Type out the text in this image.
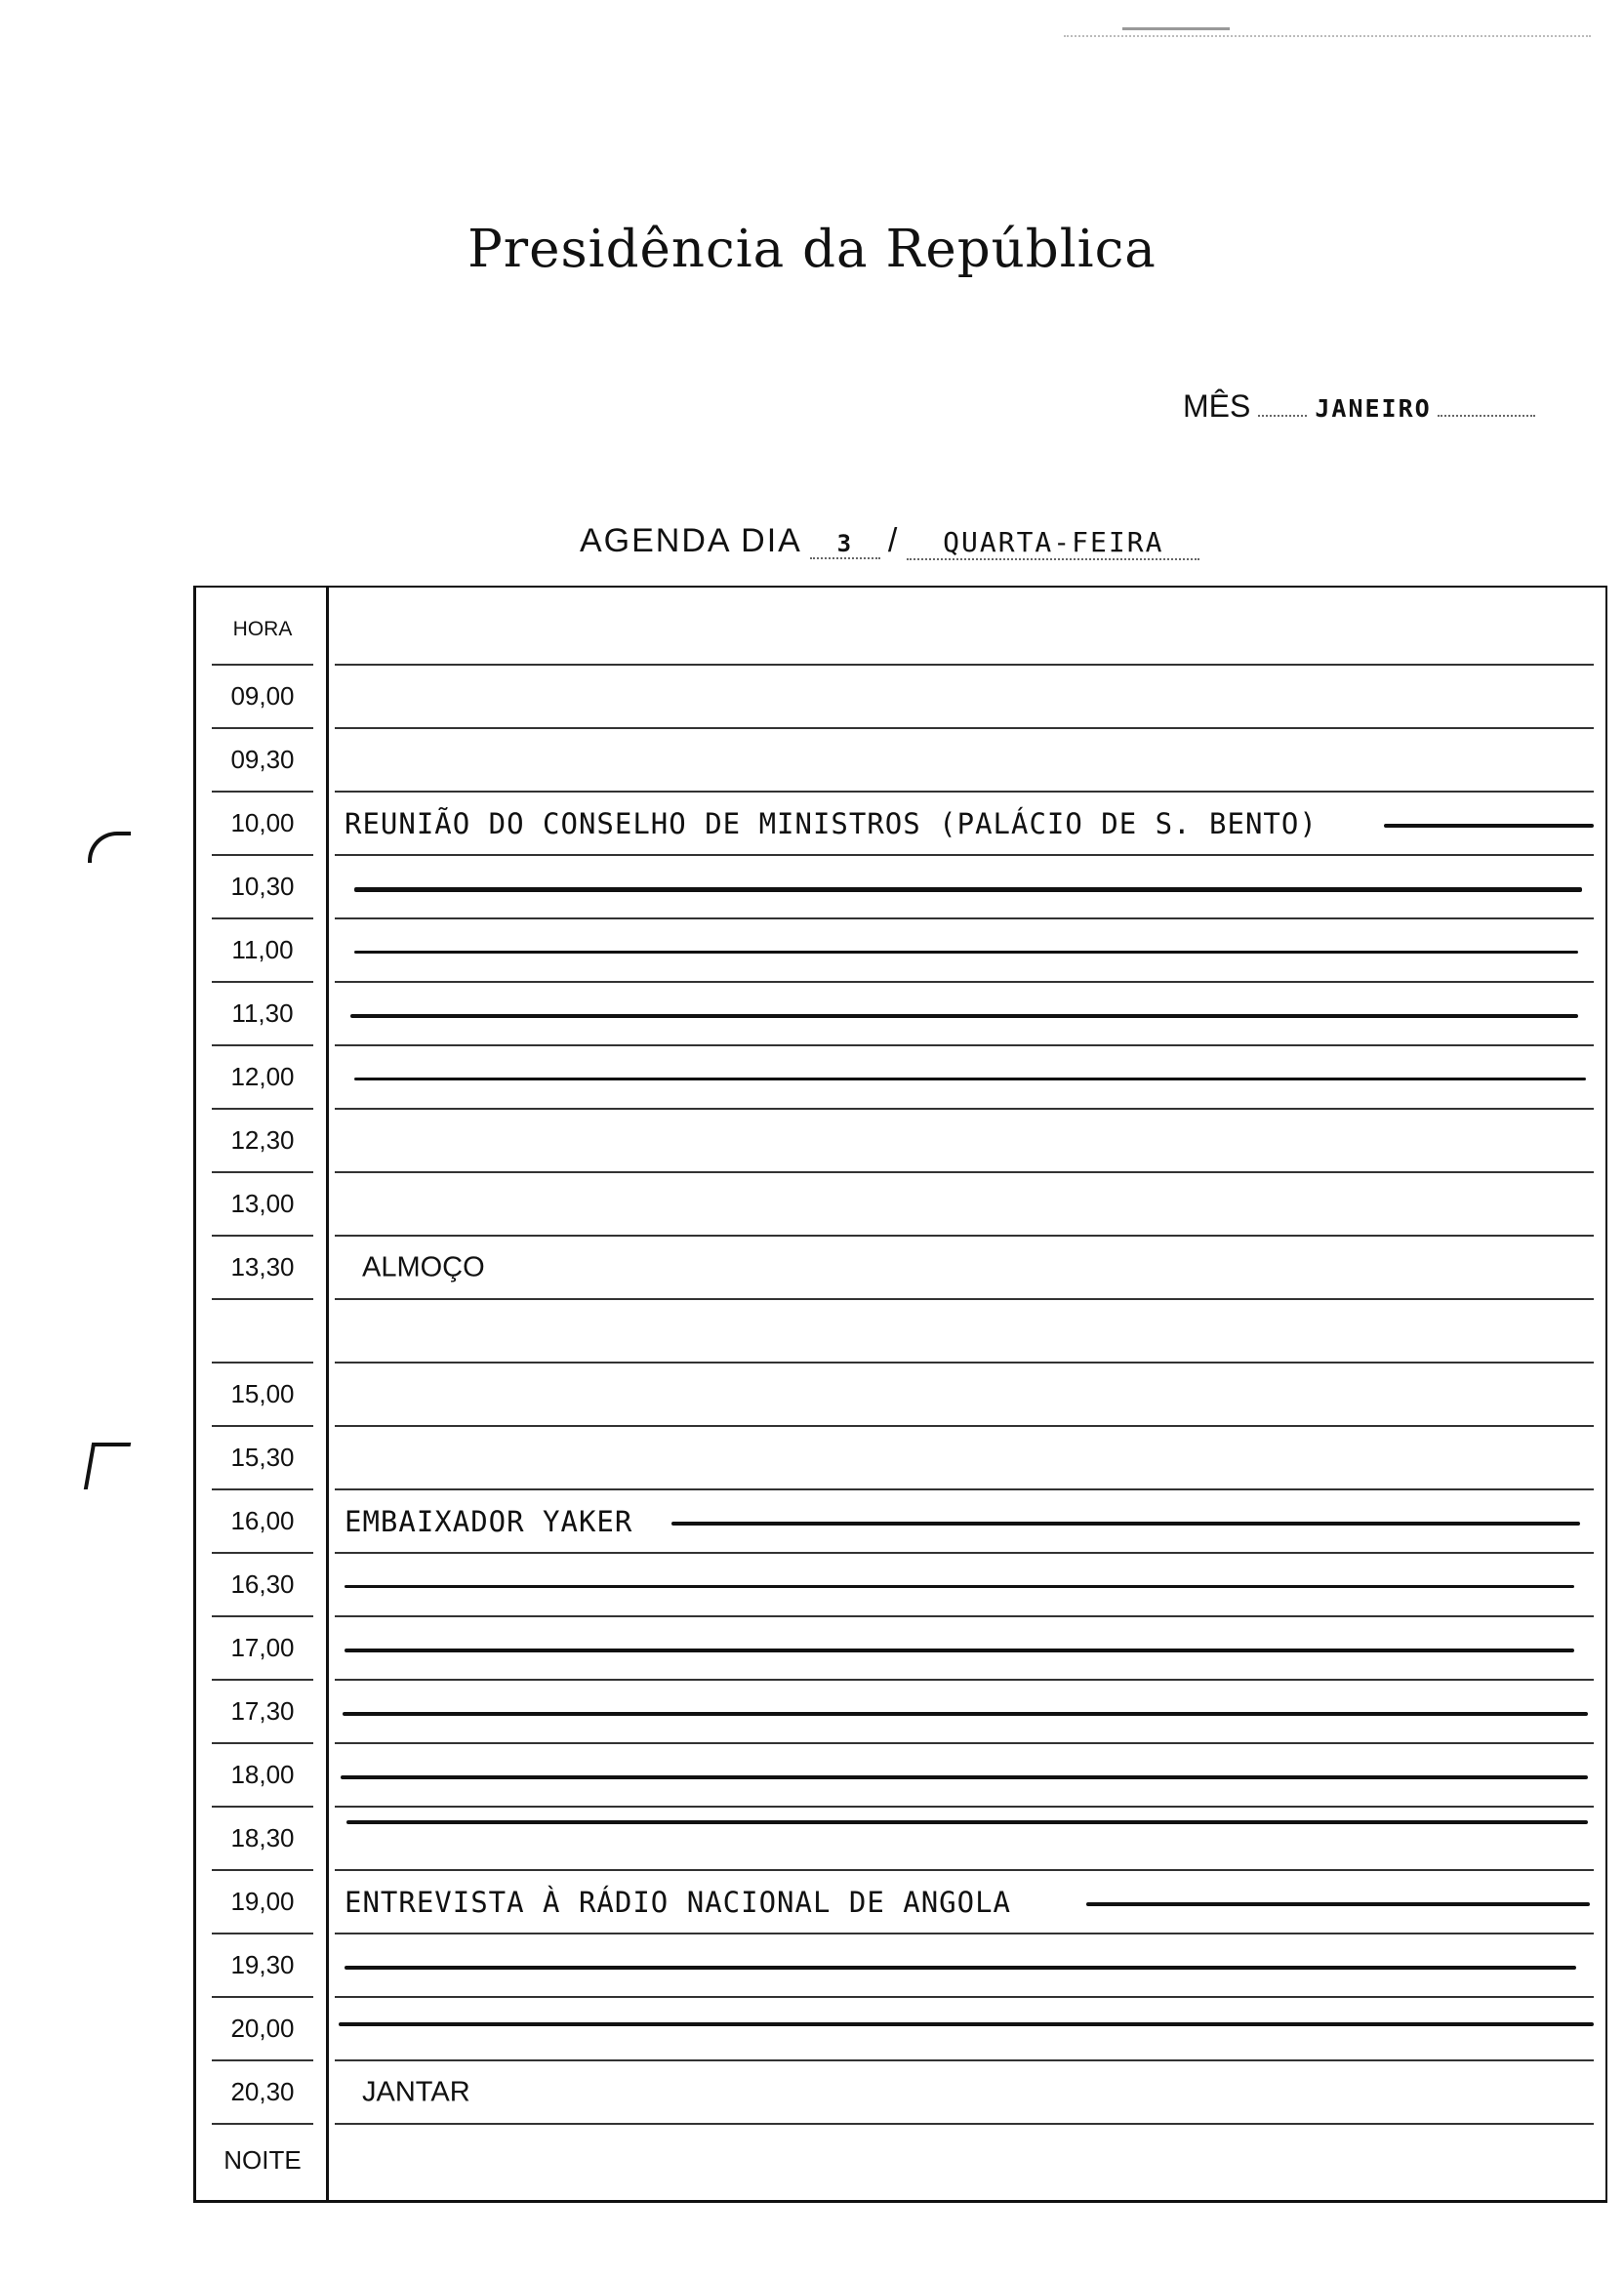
Presidência da República
MÊS	JANEIRO
AGENDA DIA	3	/	QUARTA-FEIRA
HORA
09,00
09,30
10,00	REUNIÃO DO CONSELHO DE MINISTROS (PALÁCIO DE S. BENTO)
10,30
11,00
11,30
12,00
12,30
13,00
13,30	ALMOÇO
15,00
15,30
16,00	EMBAIXADOR YAKER
16,30
17,00
17,30
18,00
18,30
19,00	ENTREVISTA À RÁDIO NACIONAL DE ANGOLA
19,30
20,00
20,30	JANTAR
NOITE
